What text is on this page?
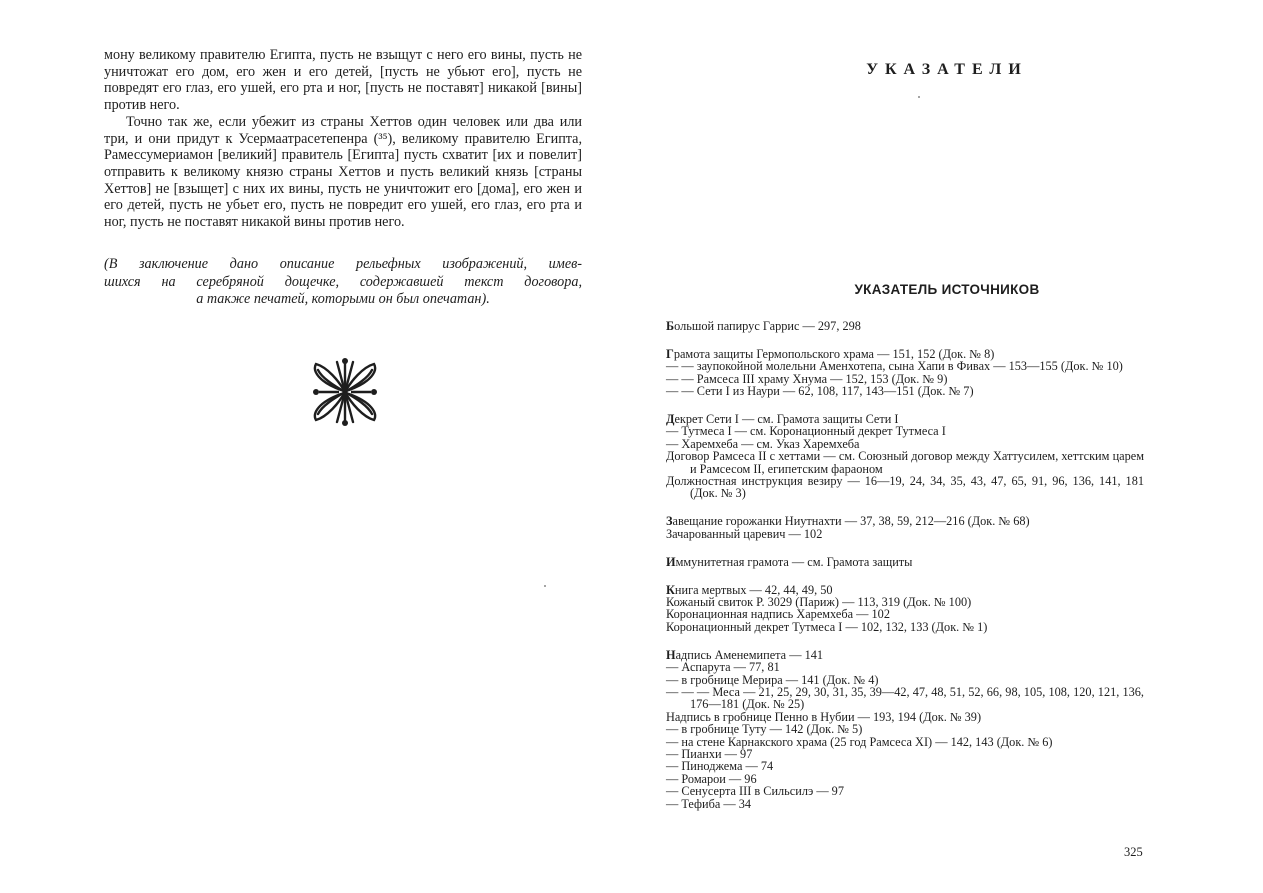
мону великому правителю Египта, пусть не взыщут с него его вины, пусть не уничтожат его дом, его жен и его детей, [пусть не убьют его], пусть не повредят его глаз, его ушей, его рта и ног, [пусть не поставят] никакой [вины] против него.

Точно так же, если убежит из страны Хеттов один человек или два или три, и они придут к Усермаатрасетепенра (³⁵), великому правителю Египта, Рамессумериамон [великий] правитель [Египта] пусть схватит [их и повелит] отправить к великому князю страны Хеттов и пусть великий князь [страны Хеттов] не [взыщет] с них их вины, пусть не уничтожит его [дома], его жен и его детей, пусть не убьет его, пусть не повредит его ушей, его глаз, его рта и ног, пусть не поставят никакой вины против него.

(В заключение дано описание рельефных изображений, имев-
шихся на серебряной дощечке, содержавшей текст договора,
а также печатей, которыми он был опечатан).
УКАЗАТЕЛИ
УКАЗАТЕЛЬ ИСТОЧНИКОВ
Большой папирус Гаррис — 297, 298
Грамота защиты Гермопольского храма — 151, 152 (Док. № 8)
— — заупокойной молельни Аменхотепа, сына Хапи в Фивах — 153—155 (Док. № 10)
— — Рамсеса III храму Хнума — 152, 153 (Док. № 9)
— — Сети I из Наури — 62, 108, 117, 143—151 (Док. № 7)
Декрет Сети I — см. Грамота защиты Сети I
— Тутмеса I — см. Коронационный декрет Тутмеса I
— Харемхеба — см. Указ Харемхеба
Договор Рамсеса II с хеттами — см. Союзный договор между Хаттусилем, хеттским царем и Рамсесом II, египетским фараоном
Должностная инструкция везиру — 16—19, 24, 34, 35, 43, 47, 65, 91, 96, 136, 141, 181 (Док. № 3)
Завещание горожанки Ниутнахти — 37, 38, 59, 212—216 (Док. № 68)
Зачарованный царевич — 102
Иммунитетная грамота — см. Грамота защиты
Книга мертвых — 42, 44, 49, 50
Кожаный свиток Р. 3029 (Париж) — 113, 319 (Док. № 100)
Коронационная надпись Харемхеба — 102
Коронационный декрет Тутмеса I — 102, 132, 133 (Док. № 1)
Надпись Аменемипета — 141
— Аспарута — 77, 81
— в гробнице Мерира — 141 (Док. № 4)
— — — Меса — 21, 25, 29, 30, 31, 35, 39—42, 47, 48, 51, 52, 66, 98, 105, 108, 120, 121, 136, 176—181 (Док. № 25)
Надпись в гробнице Пенно в Нубии — 193, 194 (Док. № 39)
— в гробнице Туту — 142 (Док. № 5)
— на стене Карнакского храма (25 год Рамсеса XI) — 142, 143 (Док. № 6)
— Пианхи — 97
— Пиноджема — 74
— Ромарои — 96
— Сенусерта III в Сильсилэ — 97
— Тефиба — 34
325
